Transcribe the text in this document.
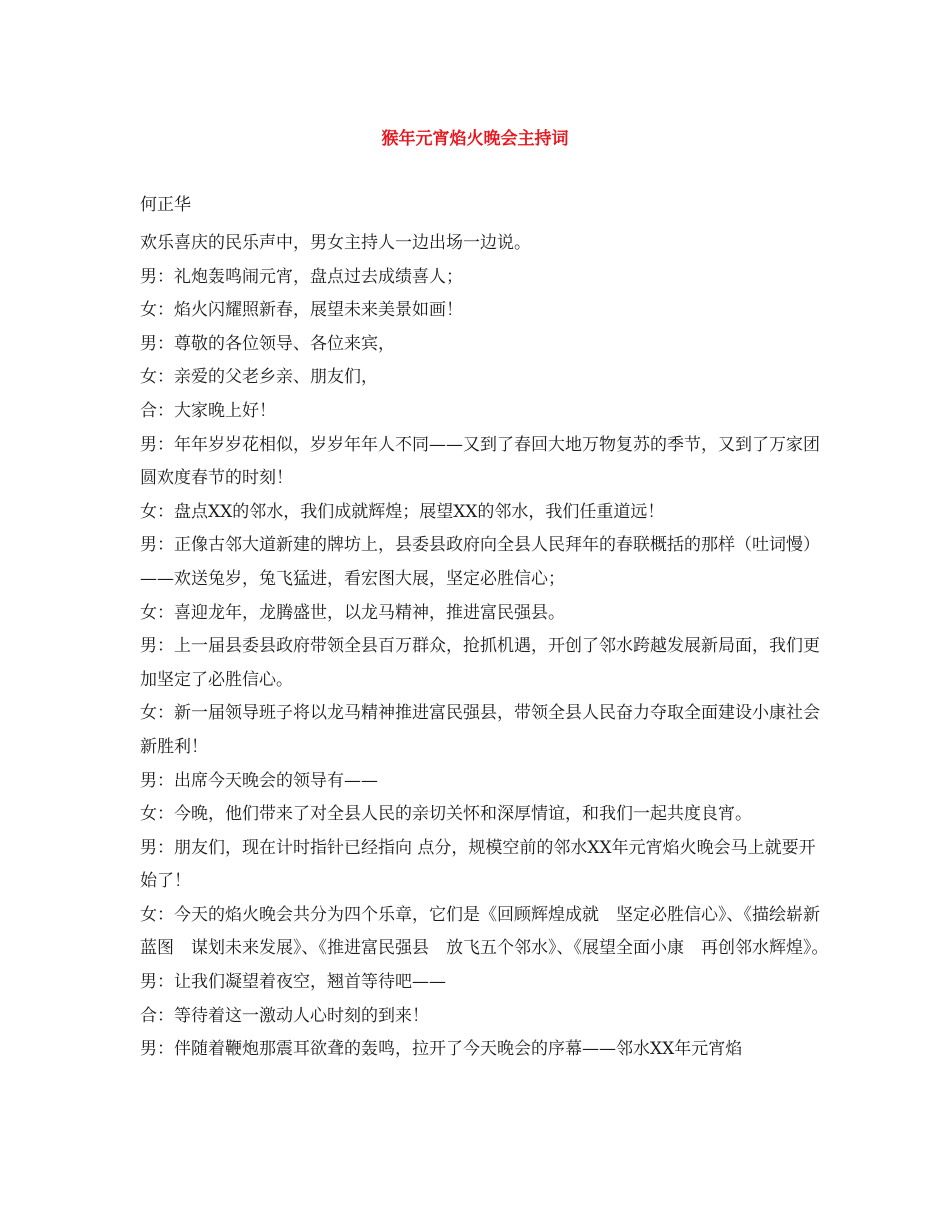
猴年元宵焰火晚会主持词
何正华

欢乐喜庆的民乐声中，男女主持人一边出场一边说。

男：礼炮轰鸣闹元宵，盘点过去成绩喜人；

女：焰火闪耀照新春，展望未来美景如画！

男：尊敬的各位领导、各位来宾，

女：亲爱的父老乡亲、朋友们，

合：大家晚上好！

男：年年岁岁花相似，岁岁年年人不同——又到了春回大地万物复苏的季节，又到了万家团圆欢度春节的时刻！

女：盘点XX的邻水，我们成就辉煌；展望XX的邻水，我们任重道远！

男：正像古邻大道新建的牌坊上，县委县政府向全县人民拜年的春联概括的那样（吐词慢）——欢送兔岁，兔飞猛进，看宏图大展，坚定必胜信心；

女：喜迎龙年，龙腾盛世，以龙马精神，推进富民强县。

男：上一届县委县政府带领全县百万群众，抢抓机遇，开创了邻水跨越发展新局面，我们更加坚定了必胜信心。

女：新一届领导班子将以龙马精神推进富民强县，带领全县人民奋力夺取全面建设小康社会新胜利！

男：出席今天晚会的领导有——

女：今晚，他们带来了对全县人民的亲切关怀和深厚情谊，和我们一起共度良宵。

男：朋友们，现在计时指针已经指向 点分，规模空前的邻水XX年元宵焰火晚会马上就要开始了！

女：今天的焰火晚会共分为四个乐章，它们是《回顾辉煌成就　坚定必胜信心》、《描绘崭新蓝图　谋划未来发展》、《推进富民强县　放飞五个邻水》、《展望全面小康　再创邻水辉煌》。

男：让我们凝望着夜空，翘首等待吧——

合：等待着这一激动人心时刻的到来！

男：伴随着鞭炮那震耳欲聋的轰鸣，拉开了今天晚会的序幕——邻水XX年元宵焰
